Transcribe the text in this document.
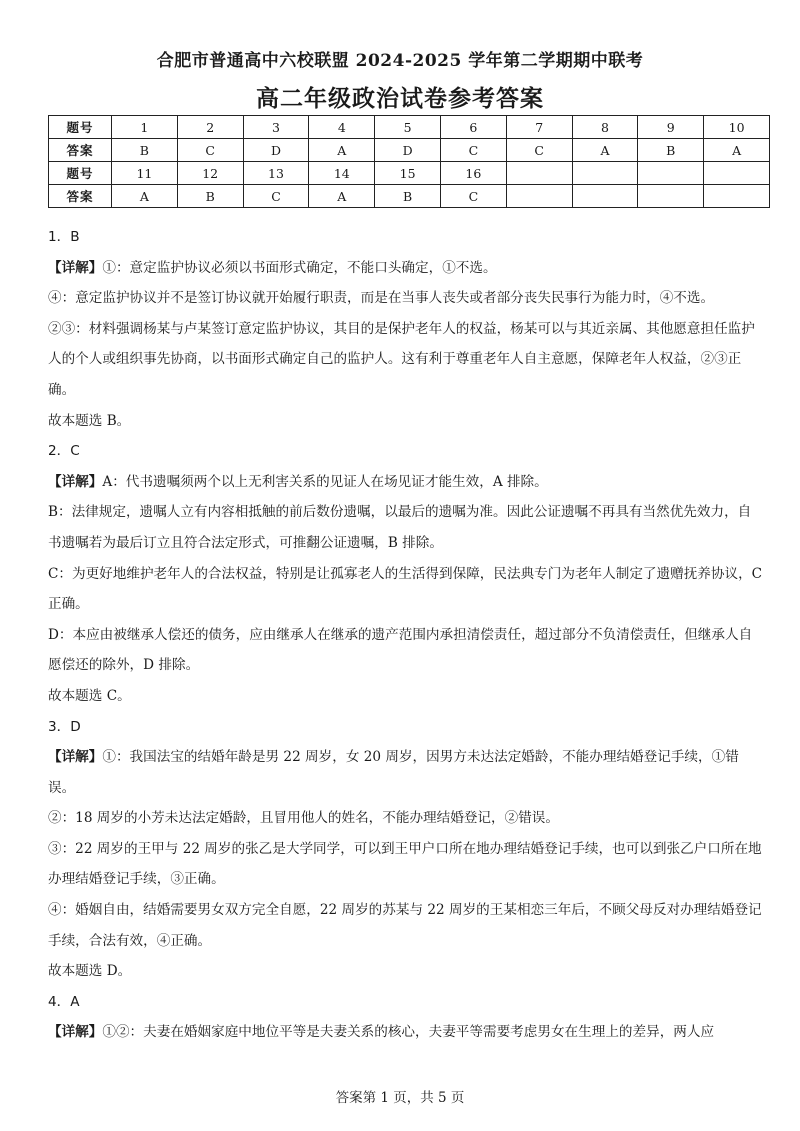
合肥市普通高中六校联盟 2024-2025 学年第二学期期中联考
高二年级政治试卷参考答案
题号	1	2	3	4	5	6	7	8	9	10
答案	B	C	D	A	D	C	C	A	B	A
题号	11	12	13	14	15	16				
答案	A	B	C	A	B	C				

1．B

【详解】①：意定监护协议必须以书面形式确定，不能口头确定，①不选。

④：意定监护协议并不是签订协议就开始履行职责，而是在当事人丧失或者部分丧失民事行为能力时，④不选。

②③：材料强调杨某与卢某签订意定监护协议，其目的是保护老年人的权益，杨某可以与其近亲属、其他愿意担任监护人的个人或组织事先协商，以书面形式确定自己的监护人。这有利于尊重老年人自主意愿，保障老年人权益，②③正确。

故本题选 B。

2．C

【详解】A：代书遗嘱须两个以上无利害关系的见证人在场见证才能生效，A 排除。

B：法律规定，遗嘱人立有内容相抵触的前后数份遗嘱，以最后的遗嘱为准。因此公证遗嘱不再具有当然优先效力，自书遗嘱若为最后订立且符合法定形式，可推翻公证遗嘱，B 排除。

C：为更好地维护老年人的合法权益，特别是让孤寡老人的生活得到保障，民法典专门为老年人制定了遗赠抚养协议，C 正确。

D：本应由被继承人偿还的债务，应由继承人在继承的遗产范围内承担清偿责任，超过部分不负清偿责任，但继承人自愿偿还的除外，D 排除。

故本题选 C。

3．D

【详解】①：我国法宝的结婚年龄是男 22 周岁，女 20 周岁，因男方未达法定婚龄，不能办理结婚登记手续，①错误。

②：18 周岁的小芳未达法定婚龄，且冒用他人的姓名，不能办理结婚登记，②错误。

③：22 周岁的王甲与 22 周岁的张乙是大学同学，可以到王甲户口所在地办理结婚登记手续，也可以到张乙户口所在地办理结婚登记手续，③正确。

④：婚姻自由，结婚需要男女双方完全自愿，22 周岁的苏某与 22 周岁的王某相恋三年后，不顾父母反对办理结婚登记手续，合法有效，④正确。

故本题选 D。

4．A

【详解】①②：夫妻在婚姻家庭中地位平等是夫妻关系的核心，夫妻平等需要考虑男女在生理上的差异，两人应

答案第 1 页，共 5 页
